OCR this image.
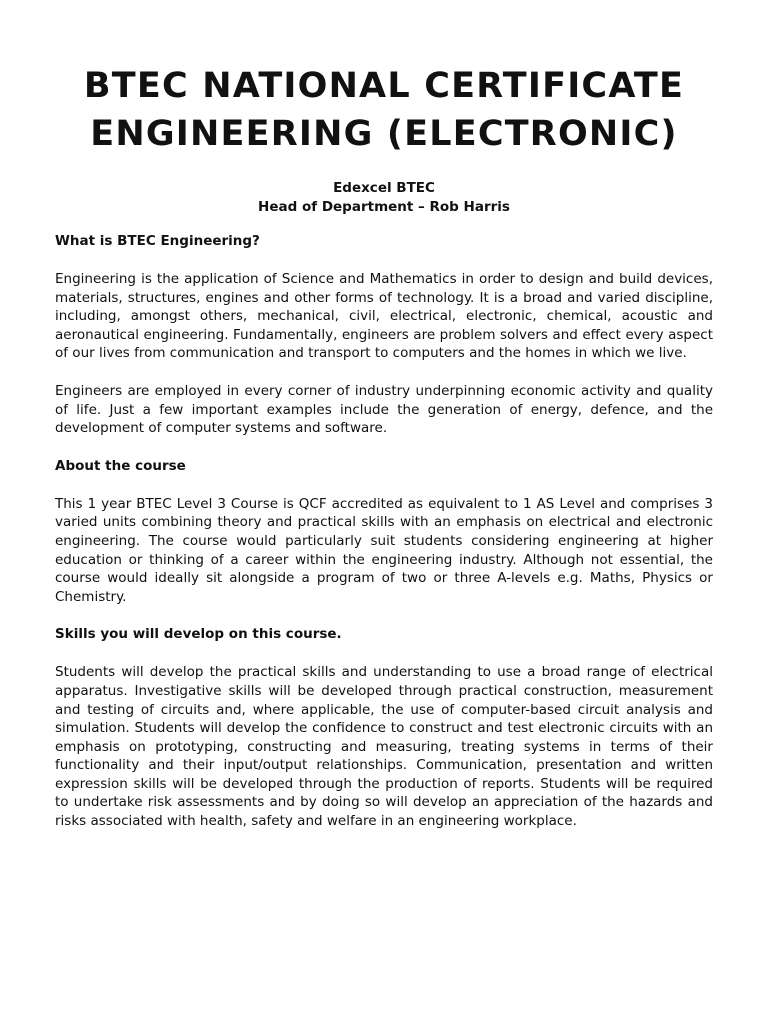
BTEC NATIONAL CERTIFICATE
ENGINEERING (ELECTRONIC)
Edexcel BTEC
Head of Department – Rob Harris
What is BTEC Engineering?

Engineering is the application of Science and Mathematics in order to design and build devices, materials, structures, engines and other forms of technology. It is a broad and varied discipline, including, amongst others, mechanical, civil, electrical, electronic, chemical, acoustic and aeronautical engineering. Fundamentally, engineers are problem solvers and effect every aspect of our lives from communication and transport to computers and the homes in which we live.

Engineers are employed in every corner of industry underpinning economic activity and quality of life. Just a few important examples include the generation of energy, defence, and the development of computer systems and software.

About the course

This 1 year BTEC Level 3 Course is QCF accredited as equivalent to 1 AS Level and comprises 3 varied units combining theory and practical skills with an emphasis on electrical and electronic engineering. The course would particularly suit students considering engineering at higher education or thinking of a career within the engineering industry. Although not essential, the course would ideally sit alongside a program of two or three A-levels e.g. Maths, Physics or Chemistry.

Skills you will develop on this course.

Students will develop the practical skills and understanding to use a broad range of electrical apparatus. Investigative skills will be developed through practical construction, measurement and testing of circuits and, where applicable, the use of computer-based circuit analysis and simulation. Students will develop the confidence to construct and test electronic circuits with an emphasis on prototyping, constructing and measuring, treating systems in terms of their functionality and their input/output relationships. Communication, presentation and written expression skills will be developed through the production of reports. Students will be required to undertake risk assessments and by doing so will develop an appreciation of the hazards and risks associated with health, safety and welfare in an engineering workplace.
